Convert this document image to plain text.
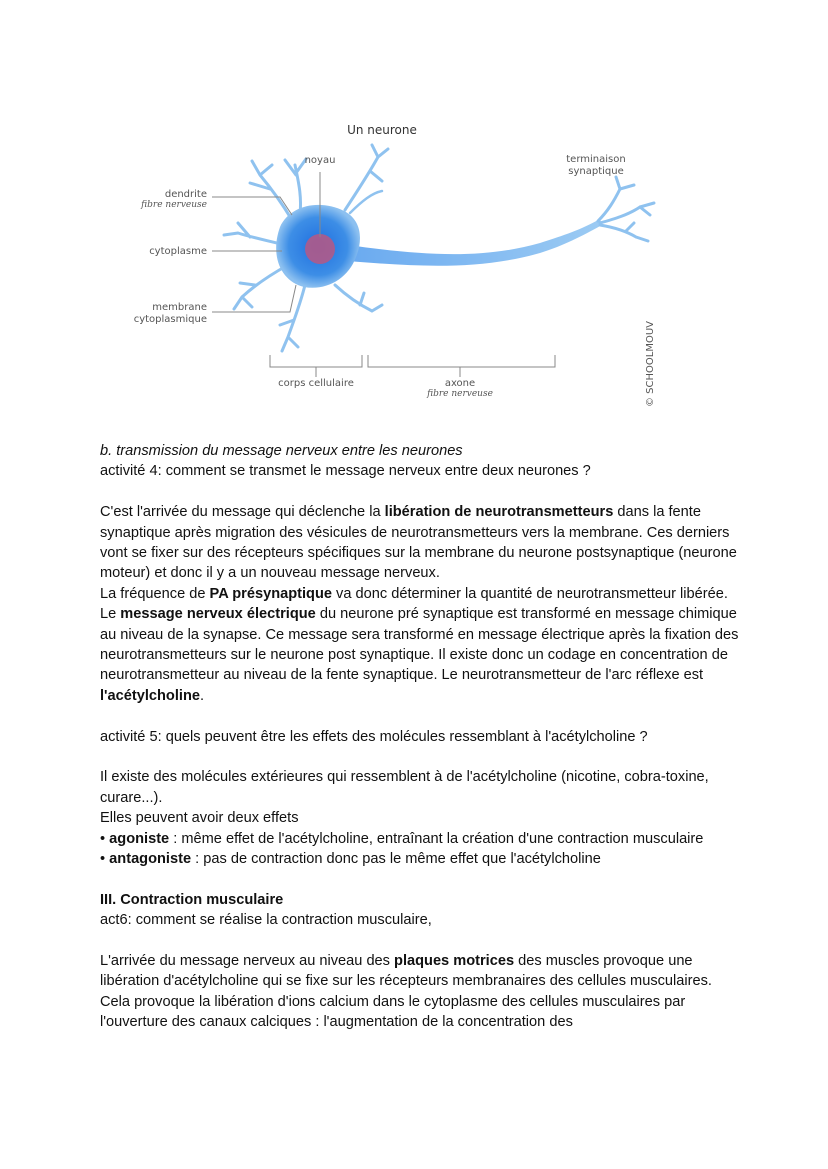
Un neurone
noyau	terminaison
synaptique
dendrite
fibre nerveuse
cytoplasme
membrane
cytoplasmique
corps cellulaire	axone
fibre nerveuse	© SCHOOLMOUV

b. transmission du message nerveux entre les neurones

activité 4: comment se transmet le message nerveux entre deux neurones ?

C'est l'arrivée du message qui déclenche la libération de neurotransmetteurs dans la fente synaptique après migration des vésicules de neurotransmetteurs vers la membrane. Ces derniers vont se fixer sur des récepteurs spécifiques sur la membrane du neurone postsynaptique (neurone moteur) et donc il y a un nouveau message nerveux.

La fréquence de PA présynaptique va donc déterminer la quantité de neurotransmetteur libérée.

Le message nerveux électrique du neurone pré synaptique est transformé en message chimique au niveau de la synapse. Ce message sera transformé en message électrique après la fixation des neurotransmetteurs sur le neurone post synaptique. Il existe donc un codage en concentration de neurotransmetteur au niveau de la fente synaptique. Le neurotransmetteur de l'arc réflexe est l'acétylcholine.

activité 5: quels peuvent être les effets des molécules ressemblant à l'acétylcholine ?

Il existe des molécules extérieures qui ressemblent à de l'acétylcholine (nicotine, cobra-toxine, curare...).

Elles peuvent avoir deux effets

• agoniste : même effet de l'acétylcholine, entraînant la création d'une contraction musculaire

• antagoniste : pas de contraction donc pas le même effet que l'acétylcholine

III. Contraction musculaire

act6: comment se réalise la contraction musculaire,

L'arrivée du message nerveux au niveau des plaques motrices des muscles provoque une libération d'acétylcholine qui se fixe sur les récepteurs membranaires des cellules musculaires. Cela provoque la libération d'ions calcium dans le cytoplasme des cellules musculaires par l'ouverture des canaux calciques : l'augmentation de la concentration des
